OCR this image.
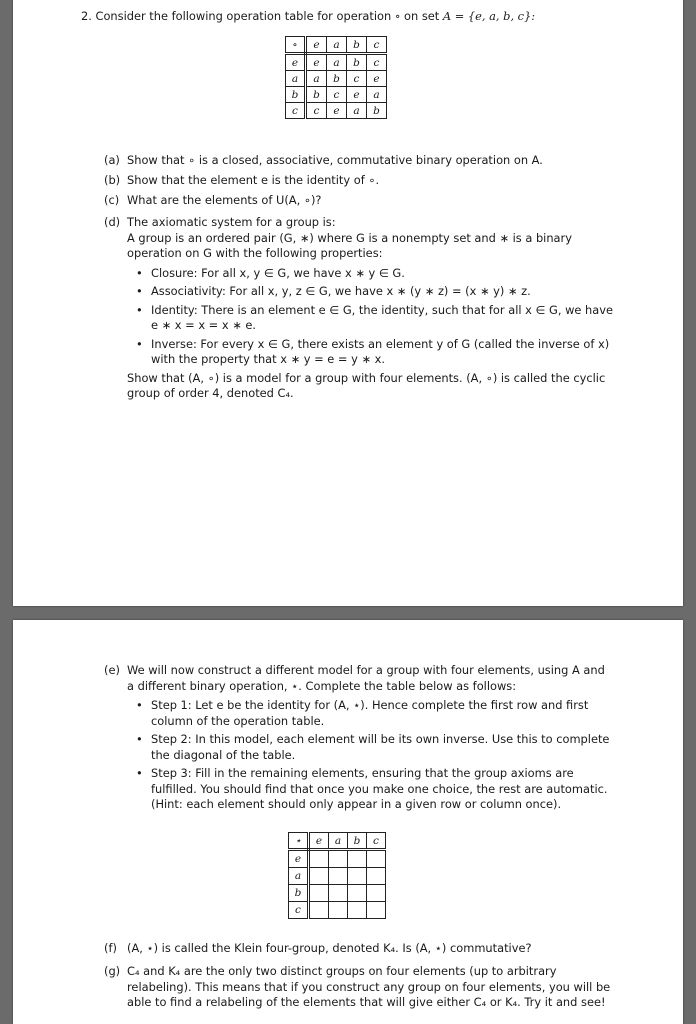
2. Consider the following operation table for operation ∘ on set A = {e, a, b, c}:
∘	e	a	b	c
e	e	a	b	c
a	a	b	c	e
b	b	c	e	a
c	c	e	a	b
(a) Show that ∘ is a closed, associative, commutative binary operation on A.
(b) Show that the element e is the identity of ∘.
(c) What are the elements of U(A, ∘)?
(d) The axiomatic system for a group is:
A group is an ordered pair (G, ∗) where G is a nonempty set and ∗ is a binary operation on G with the following properties:
• Closure: For all x, y ∈ G, we have x ∗ y ∈ G.
• Associativity: For all x, y, z ∈ G, we have x ∗ (y ∗ z) = (x ∗ y) ∗ z.
• Identity: There is an element e ∈ G, the identity, such that for all x ∈ G, we have e ∗ x = x = x ∗ e.
• Inverse: For every x ∈ G, there exists an element y of G (called the inverse of x) with the property that x ∗ y = e = y ∗ x.
Show that (A, ∘) is a model for a group with four elements. (A, ∘) is called the cyclic group of order 4, denoted C₄.
(e) We will now construct a different model for a group with four elements, using A and a different binary operation, ⋆. Complete the table below as follows:
• Step 1: Let e be the identity for (A, ⋆). Hence complete the first row and first column of the operation table.
• Step 2: In this model, each element will be its own inverse. Use this to complete the diagonal of the table.
• Step 3: Fill in the remaining elements, ensuring that the group axioms are fulfilled. You should find that once you make one choice, the rest are automatic. (Hint: each element should only appear in a given row or column once).
⋆	e	a	b	c
e				
a				
b				
c				
(f) (A, ⋆) is called the Klein four-group, denoted K₄. Is (A, ⋆) commutative?
(g) C₄ and K₄ are the only two distinct groups on four elements (up to arbitrary relabeling). This means that if you construct any group on four elements, you will be able to find a relabeling of the elements that will give either C₄ or K₄. Try it and see!
